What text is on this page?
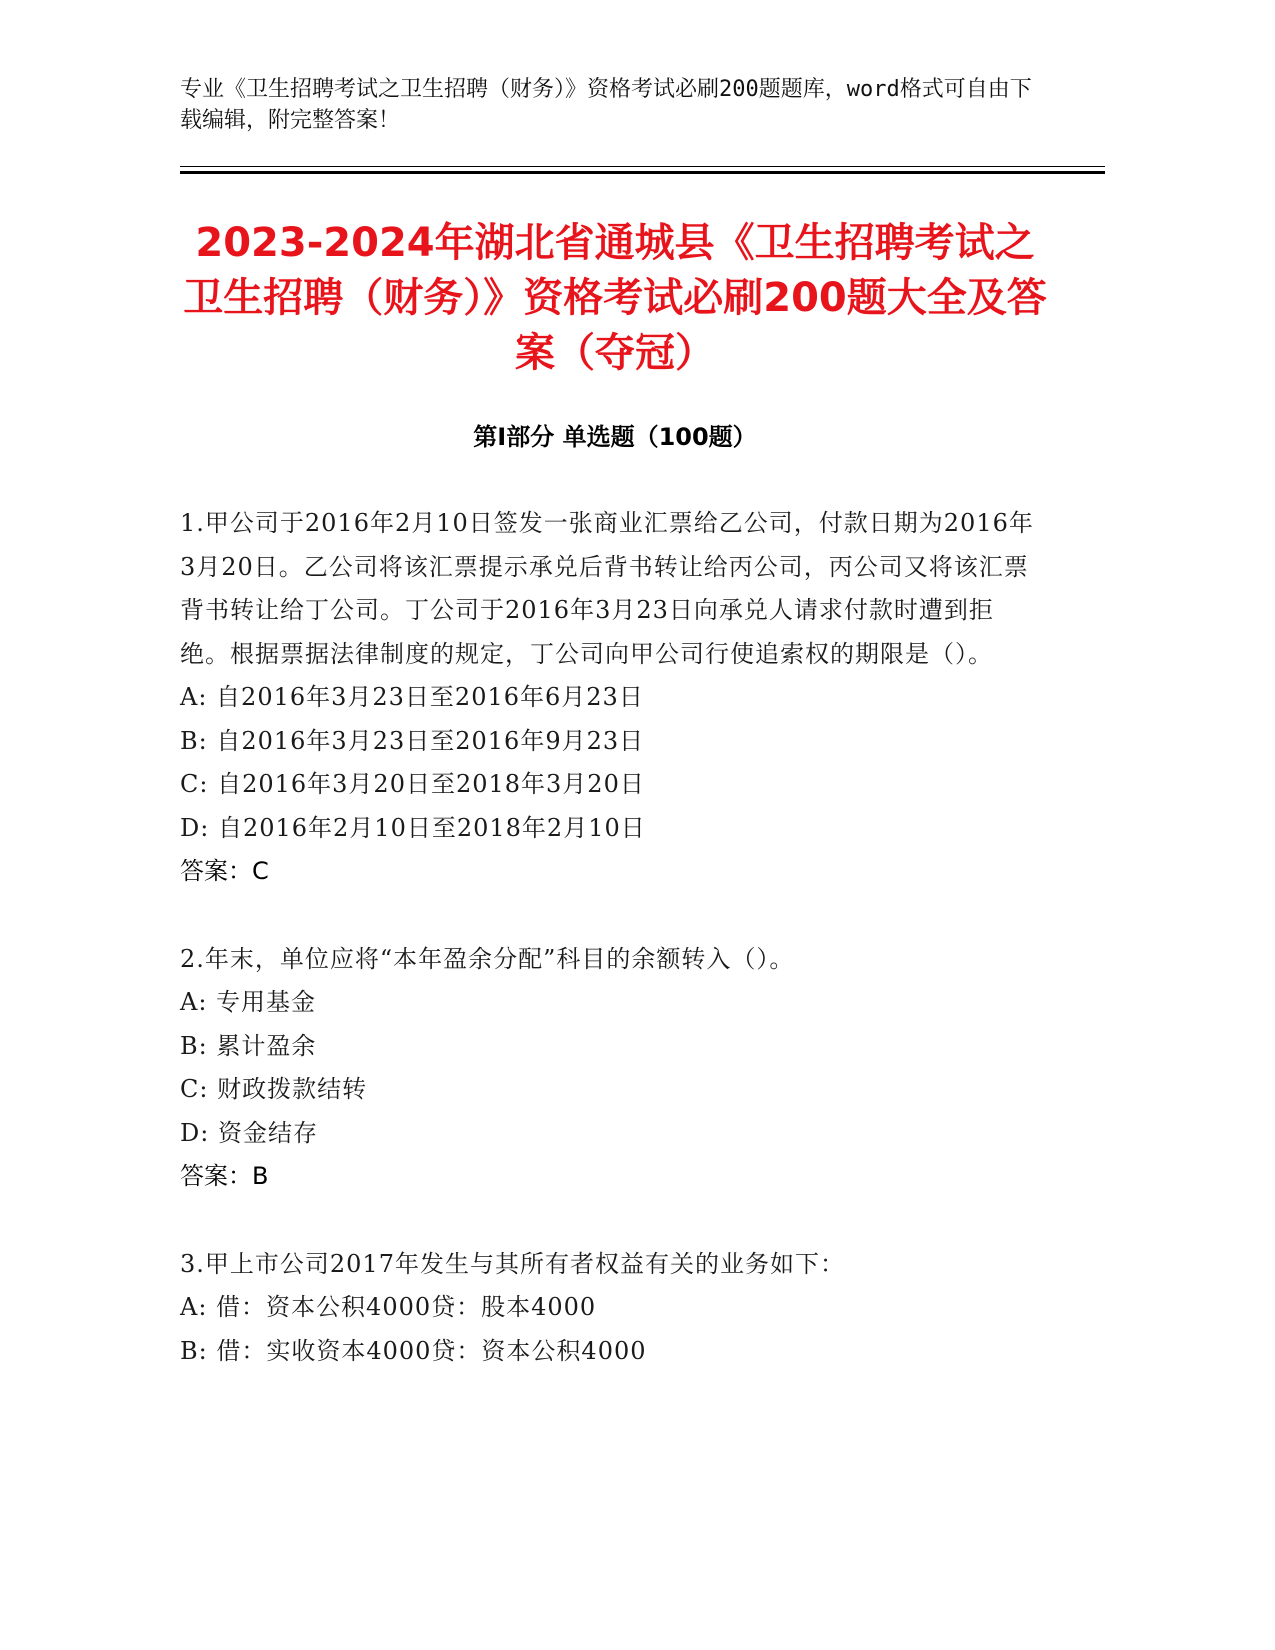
专业《卫生招聘考试之卫生招聘（财务）》资格考试必刷200题题库，word格式可自由下载编辑，附完整答案！
2023-2024年湖北省通城县《卫生招聘考试之卫生招聘（财务）》资格考试必刷200题大全及答案（夺冠）
第Ⅰ部分 单选题（100题）

1.甲公司于2016年2月10日签发一张商业汇票给乙公司，付款日期为2016年3月20日。乙公司将该汇票提示承兑后背书转让给丙公司，丙公司又将该汇票背书转让给丁公司。丁公司于2016年3月23日向承兑人请求付款时遭到拒绝。根据票据法律制度的规定，丁公司向甲公司行使追索权的期限是（）。

A: 自2016年3月23日至2016年6月23日

B: 自2016年3月23日至2016年9月23日

C: 自2016年3月20日至2018年3月20日

D: 自2016年2月10日至2018年2月10日

答案：C

2.年末，单位应将“本年盈余分配”科目的余额转入（）。

A: 专用基金

B: 累计盈余

C: 财政拨款结转

D: 资金结存

答案：B

3.甲上市公司2017年发生与其所有者权益有关的业务如下：

A: 借：资本公积4000贷：股本4000

B: 借：实收资本4000贷：资本公积4000
